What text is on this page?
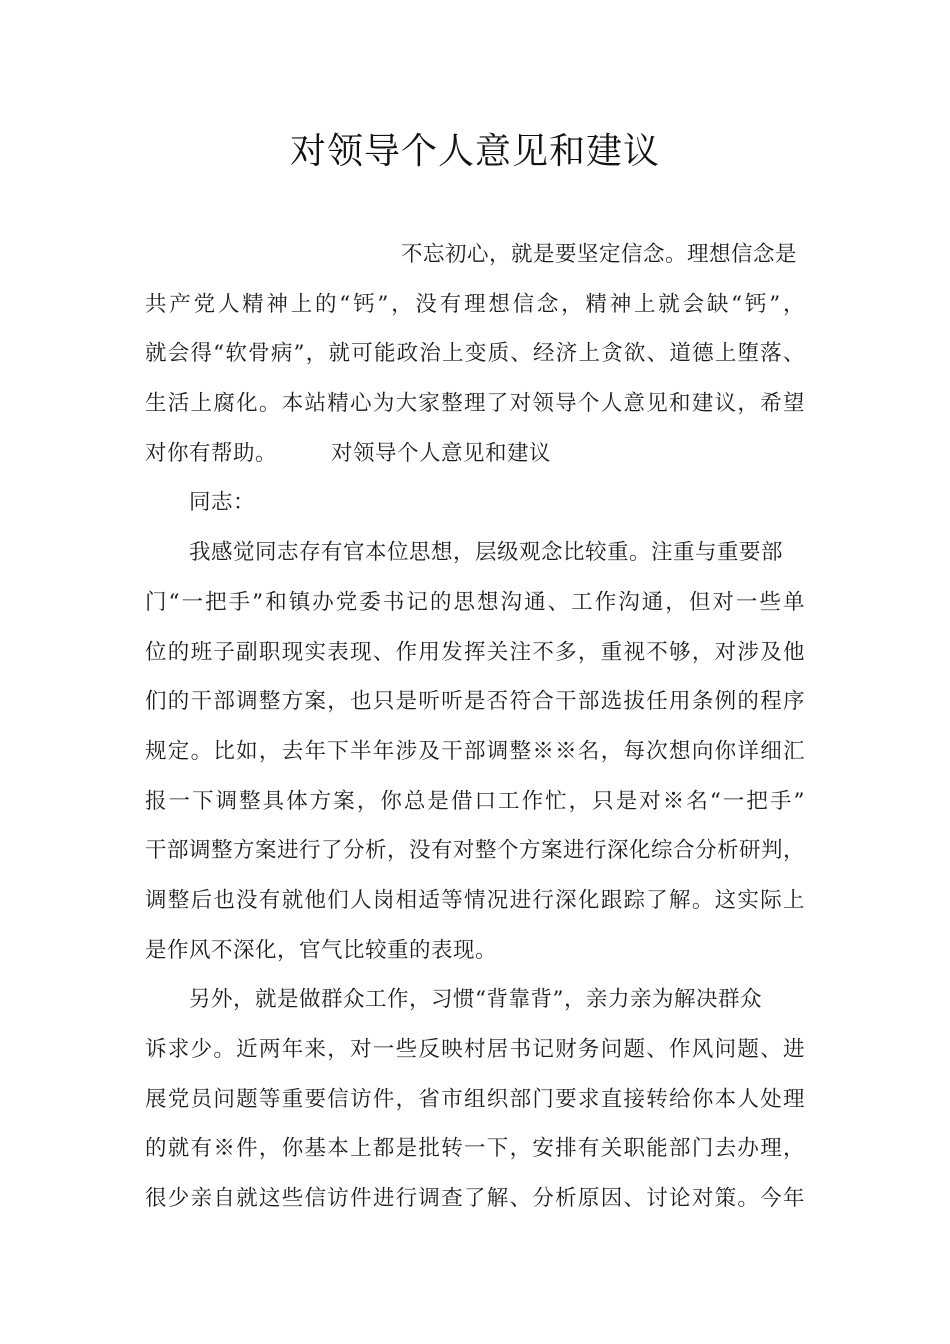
对领导个人意见和建议
不忘初心，就是要坚定信念。理想信念是
共产党人精神上的“钙”，没有理想信念，精神上就会缺“钙”，
就会得“软骨病”，就可能政治上变质、经济上贪欲、道德上堕落、
生活上腐化。本站精心为大家整理了对领导个人意见和建议，希望
对你有帮助。	对领导个人意见和建议
同志：
我感觉同志存有官本位思想，层级观念比较重。注重与重要部
门“一把手”和镇办党委书记的思想沟通、工作沟通，但对一些单
位的班子副职现实表现、作用发挥关注不多，重视不够，对涉及他
们的干部调整方案，也只是听听是否符合干部选拔任用条例的程序
规定。比如，去年下半年涉及干部调整※※名，每次想向你详细汇
报一下调整具体方案，你总是借口工作忙，只是对※名“一把手”
干部调整方案进行了分析，没有对整个方案进行深化综合分析研判，
调整后也没有就他们人岗相适等情况进行深化跟踪了解。这实际上
是作风不深化，官气比较重的表现。
另外，就是做群众工作，习惯“背靠背”，亲力亲为解决群众
诉求少。近两年来，对一些反映村居书记财务问题、作风问题、进
展党员问题等重要信访件，省市组织部门要求直接转给你本人处理
的就有※件，你基本上都是批转一下，安排有关职能部门去办理，
很少亲自就这些信访件进行调查了解、分析原因、讨论对策。今年
